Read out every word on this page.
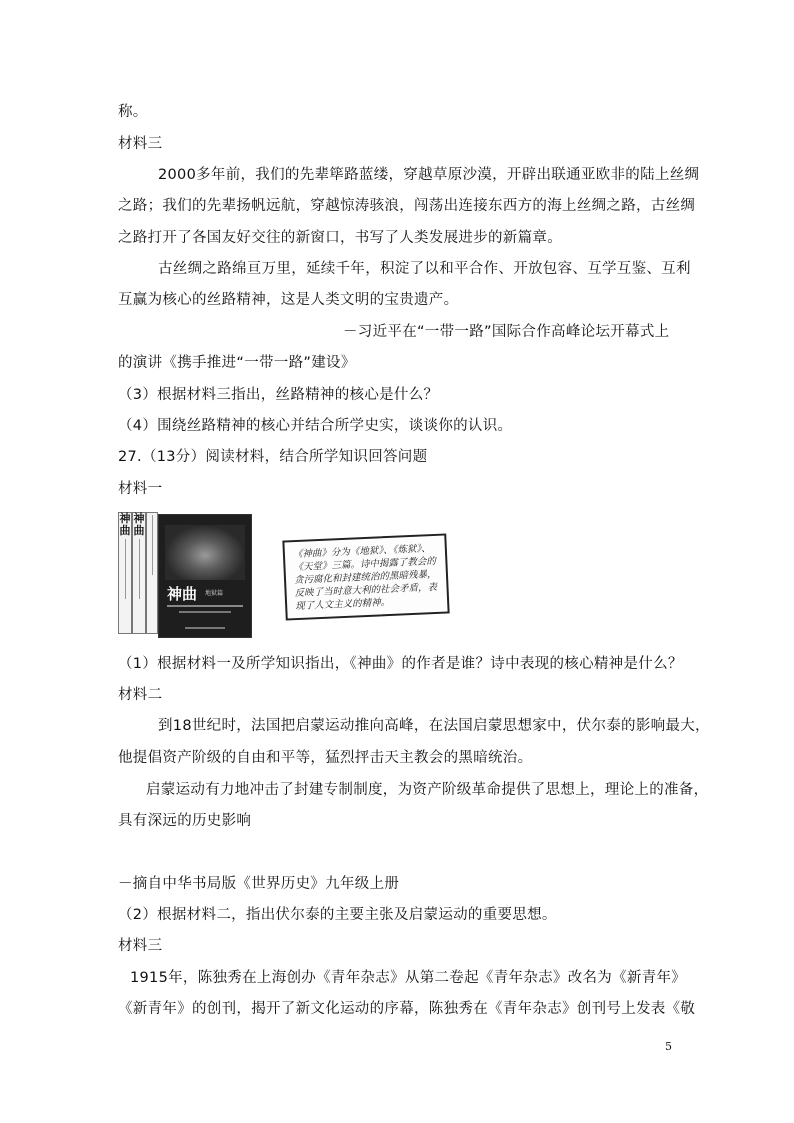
称。
材料三
2000多年前，我们的先辈筚路蓝缕，穿越草原沙漠，开辟出联通亚欧非的陆上丝绸
之路；我们的先辈扬帆远航，穿越惊涛骇浪，闯荡出连接东西方的海上丝绸之路，古丝绸
之路打开了各国友好交往的新窗口，书写了人类发展进步的新篇章。
古丝绸之路绵亘万里，延续千年，积淀了以和平合作、开放包容、互学互鉴、互利
互赢为核心的丝路精神，这是人类文明的宝贵遗产。
－习近平在“一带一路”国际合作高峰论坛开幕式上
的演讲《携手推进“一带一路”建设》
（3）根据材料三指出，丝路精神的核心是什么？
（4）围绕丝路精神的核心并结合所学史实，谈谈你的认识。
27.（13分）阅读材料，结合所学知识回答问题
材料一
神曲
神曲
神曲 地狱篇
《神曲》分为《地狱》、《炼狱》、
《天堂》三篇。诗中揭露了教会的
贪污腐化和封建统治的黑暗残暴，
反映了当时意大利的社会矛盾，表
现了人文主义的精神。
（1）根据材料一及所学知识指出，《神曲》的作者是谁？诗中表现的核心精神是什么？
材料二
到18世纪时，法国把启蒙运动推向高峰，在法国启蒙思想家中，伏尔泰的影响最大，
他提倡资产阶级的自由和平等，猛烈抨击天主教会的黑暗统治。
启蒙运动有力地冲击了封建专制制度，为资产阶级革命提供了思想上，理论上的准备，
具有深远的历史影响
－摘自中华书局版《世界历史》九年级上册
（2）根据材料二，指出伏尔泰的主要主张及启蒙运动的重要思想。
材料三
1915年，陈独秀在上海创办《青年杂志》从第二卷起《青年杂志》改名为《新青年》
《新青年》的创刊，揭开了新文化运动的序幕，陈独秀在《青年杂志》创刊号上发表《敬
5
